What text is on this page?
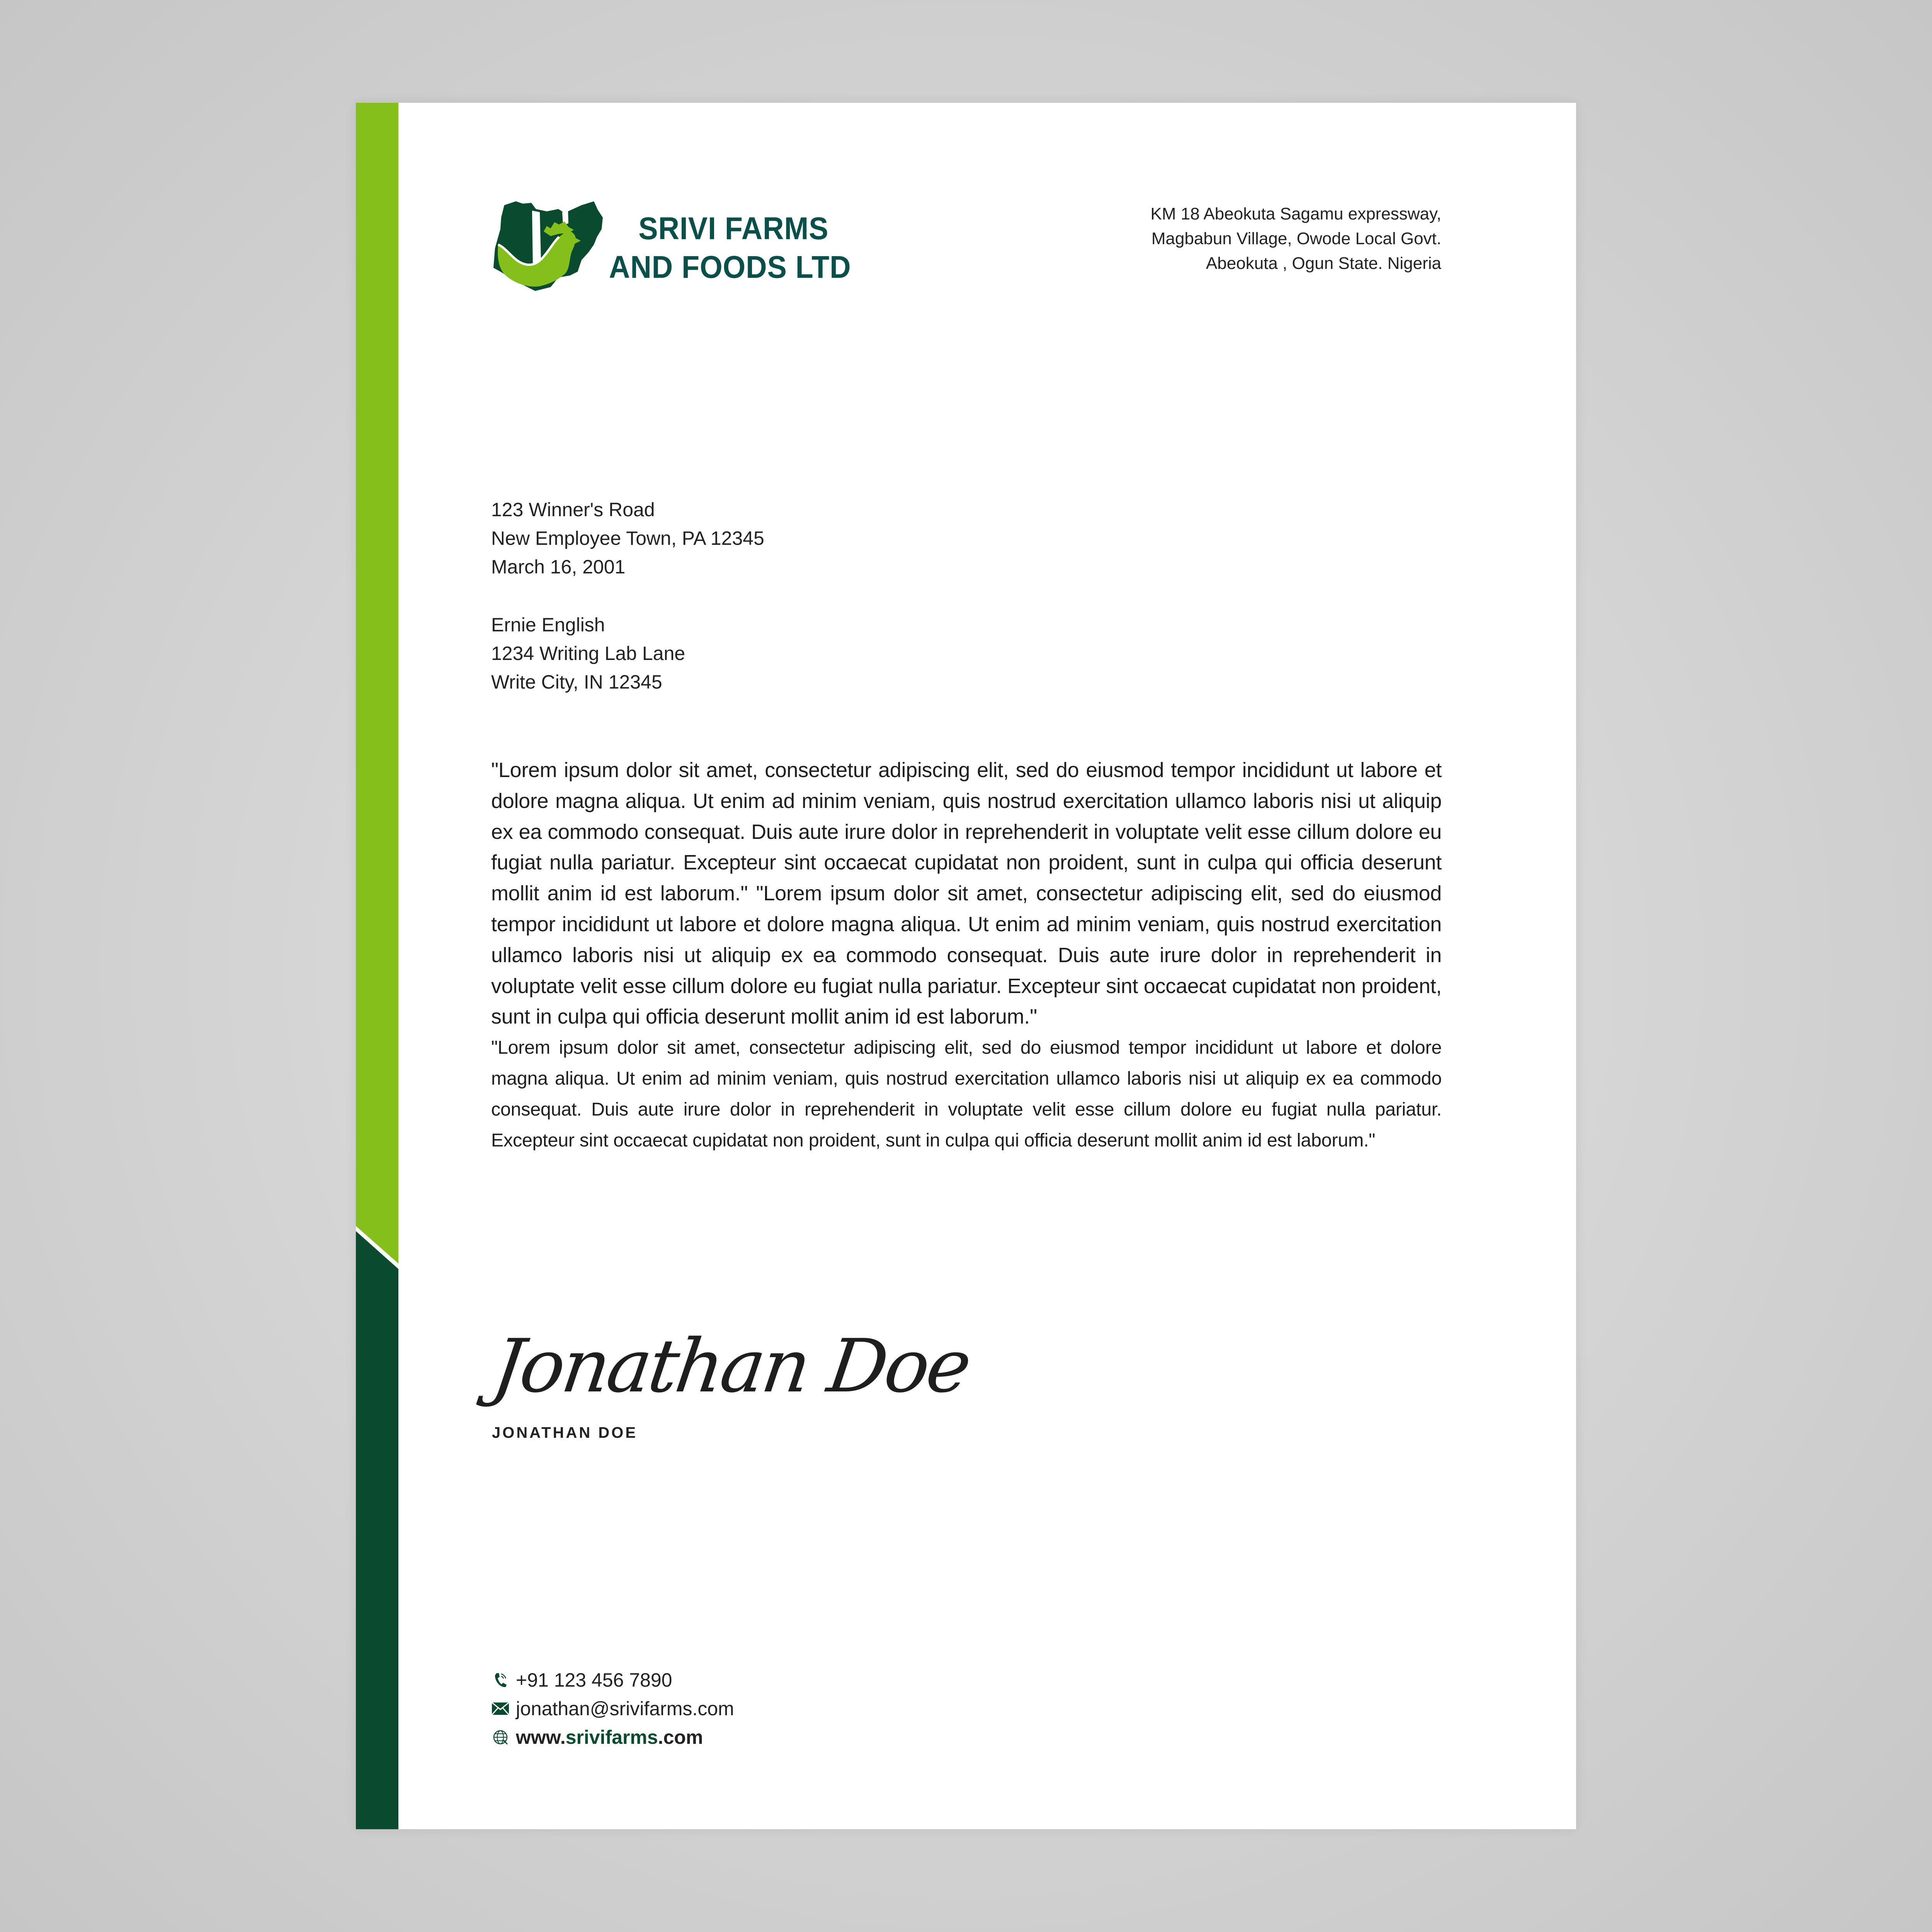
SRIVI FARMS
AND FOODS LTD
KM 18 Abeokuta Sagamu expressway,
Magbabun Village, Owode Local Govt.
Abeokuta , Ogun State. Nigeria
123 Winner's Road
New Employee Town, PA 12345
March 16, 2001
Ernie English
1234 Writing Lab Lane
Write City, IN 12345

"Lorem ipsum dolor sit amet, consectetur adipiscing elit, sed do eiusmod tempor incididunt ut labore et dolore magna aliqua. Ut enim ad minim veniam, quis nostrud exercitation ullamco laboris nisi ut aliquip ex ea commodo consequat. Duis aute irure dolor in reprehenderit in voluptate velit esse cillum dolore eu fugiat nulla pariatur. Excepteur sint occaecat cupidatat non proident, sunt in culpa qui officia deserunt mollit anim id est laborum." "Lorem ipsum dolor sit amet, consectetur adipiscing elit, sed do eiusmod tempor incididunt ut labore et dolore magna aliqua. Ut enim ad minim veniam, quis nostrud exercitation ullamco laboris nisi ut aliquip ex ea commodo consequat. Duis aute irure dolor in reprehenderit in voluptate velit esse cillum dolore eu fugiat nulla pariatur. Excepteur sint occaecat cupidatat non proident, sunt in culpa qui officia deserunt mollit anim id est laborum."

"Lorem ipsum dolor sit amet, consectetur adipiscing elit, sed do eiusmod tempor incididunt ut labore et dolore magna aliqua. Ut enim ad minim veniam, quis nostrud exercitation ullamco laboris nisi ut aliquip ex ea commodo consequat. Duis aute irure dolor in reprehenderit in voluptate velit esse cillum dolore eu fugiat nulla pariatur. Excepteur sint occaecat cupidatat non proident, sunt in culpa qui officia deserunt mollit anim id est laborum."

Jonathan Doe
JONATHAN DOE
+91 123 456 7890
jonathan@srivifarms.com
www.srivifarms.com
